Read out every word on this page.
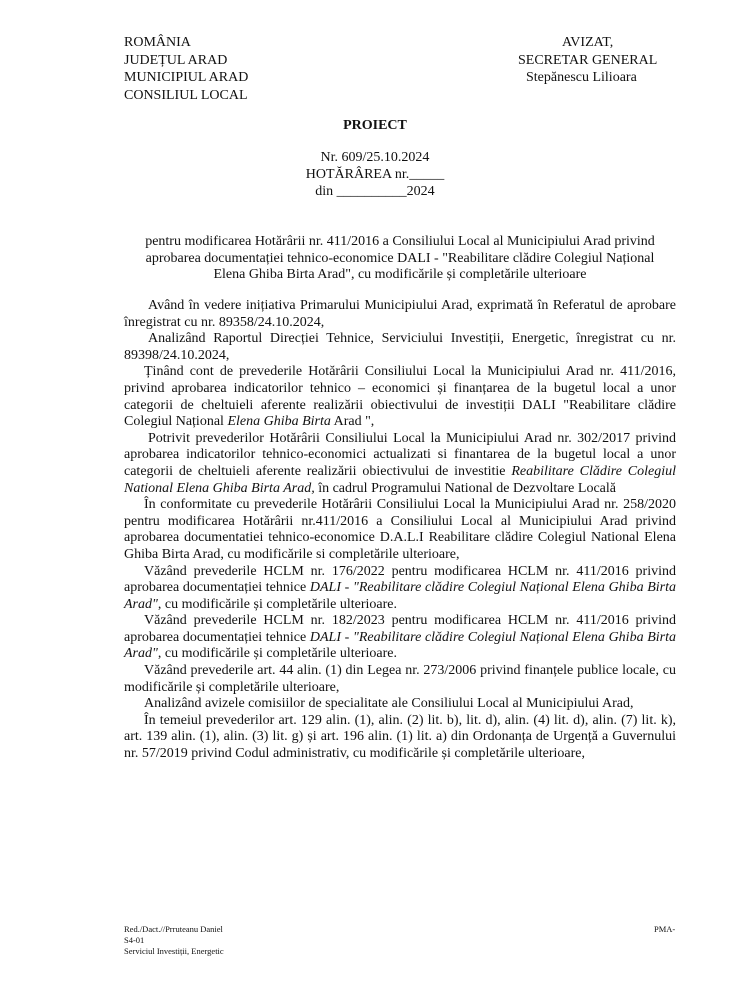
ROMÂNIA
JUDEȚUL ARAD
MUNICIPIUL ARAD
CONSILIUL LOCAL
AVIZAT,
SECRETAR GENERAL
Stepănescu Lilioara
PROIECT
Nr. 609/25.10.2024
HOTĂRÂREA nr._____
din __________2024
pentru modificarea Hotărârii nr. 411/2016 a Consiliului Local al Municipiului Arad privind
aprobarea documentației tehnico-economice DALI - "Reabilitare clădire Colegiul Național
Elena Ghiba Birta Arad", cu modificările și completările ulterioare

Având în vedere inițiativa Primarului Municipiului Arad, exprimată în Referatul de aprobare înregistrat cu nr. 89358/24.10.2024,

Analizând Raportul Direcției Tehnice, Serviciului Investiții, Energetic, înregistrat cu nr. 89398/24.10.2024,

Ținând cont de prevederile Hotărârii Consiliului Local la Municipiului Arad nr. 411/2016, privind aprobarea indicatorilor tehnico – economici și finanțarea de la bugetul local a unor categorii de cheltuieli aferente realizării obiectivului de investiții DALI "Reabilitare clădire Colegiul Național Elena Ghiba Birta Arad ",

Potrivit prevederilor Hotărârii Consiliului Local la Municipiului Arad nr. 302/2017 privind aprobarea indicatorilor tehnico-economici actualizati si finantarea de la bugetul local a unor categorii de cheltuieli aferente realizării obiectivului de investitie Reabilitare Clădire Colegiul National Elena Ghiba Birta Arad, în cadrul Programului National de Dezvoltare Locală

În conformitate cu prevederile Hotărârii Consiliului Local la Municipiului Arad nr. 258/2020 pentru modificarea Hotărârii nr.411/2016 a Consiliului Local al Municipiului Arad privind aprobarea documentatiei tehnico-economice D.A.L.I Reabilitare clădire Colegiul National Elena Ghiba Birta Arad, cu modificările si completările ulterioare,

Văzând prevederile HCLM nr. 176/2022 pentru modificarea HCLM nr. 411/2016 privind aprobarea documentației tehnice DALI - "Reabilitare clădire Colegiul Național Elena Ghiba Birta Arad", cu modificările și completările ulterioare.

Văzând prevederile HCLM nr. 182/2023 pentru modificarea HCLM nr. 411/2016 privind aprobarea documentației tehnice DALI - "Reabilitare clădire Colegiul Național Elena Ghiba Birta Arad", cu modificările și completările ulterioare.

Văzând prevederile art. 44 alin. (1) din Legea nr. 273/2006 privind finanțele publice locale, cu modificările și completările ulterioare,

Analizând avizele comisiilor de specialitate ale Consiliului Local al Municipiului Arad,

În temeiul prevederilor art. 129 alin. (1), alin. (2) lit. b), lit. d), alin. (4) lit. d), alin. (7) lit. k), art. 139 alin. (1), alin. (3) lit. g) și art. 196 alin. (1) lit. a) din Ordonanța de Urgență a Guvernului nr. 57/2019 privind Codul administrativ, cu modificările și completările ulterioare,

Red./Dact.//Prruteanu Daniel
S4-01
Serviciul Investiții, Energetic
PMA-
